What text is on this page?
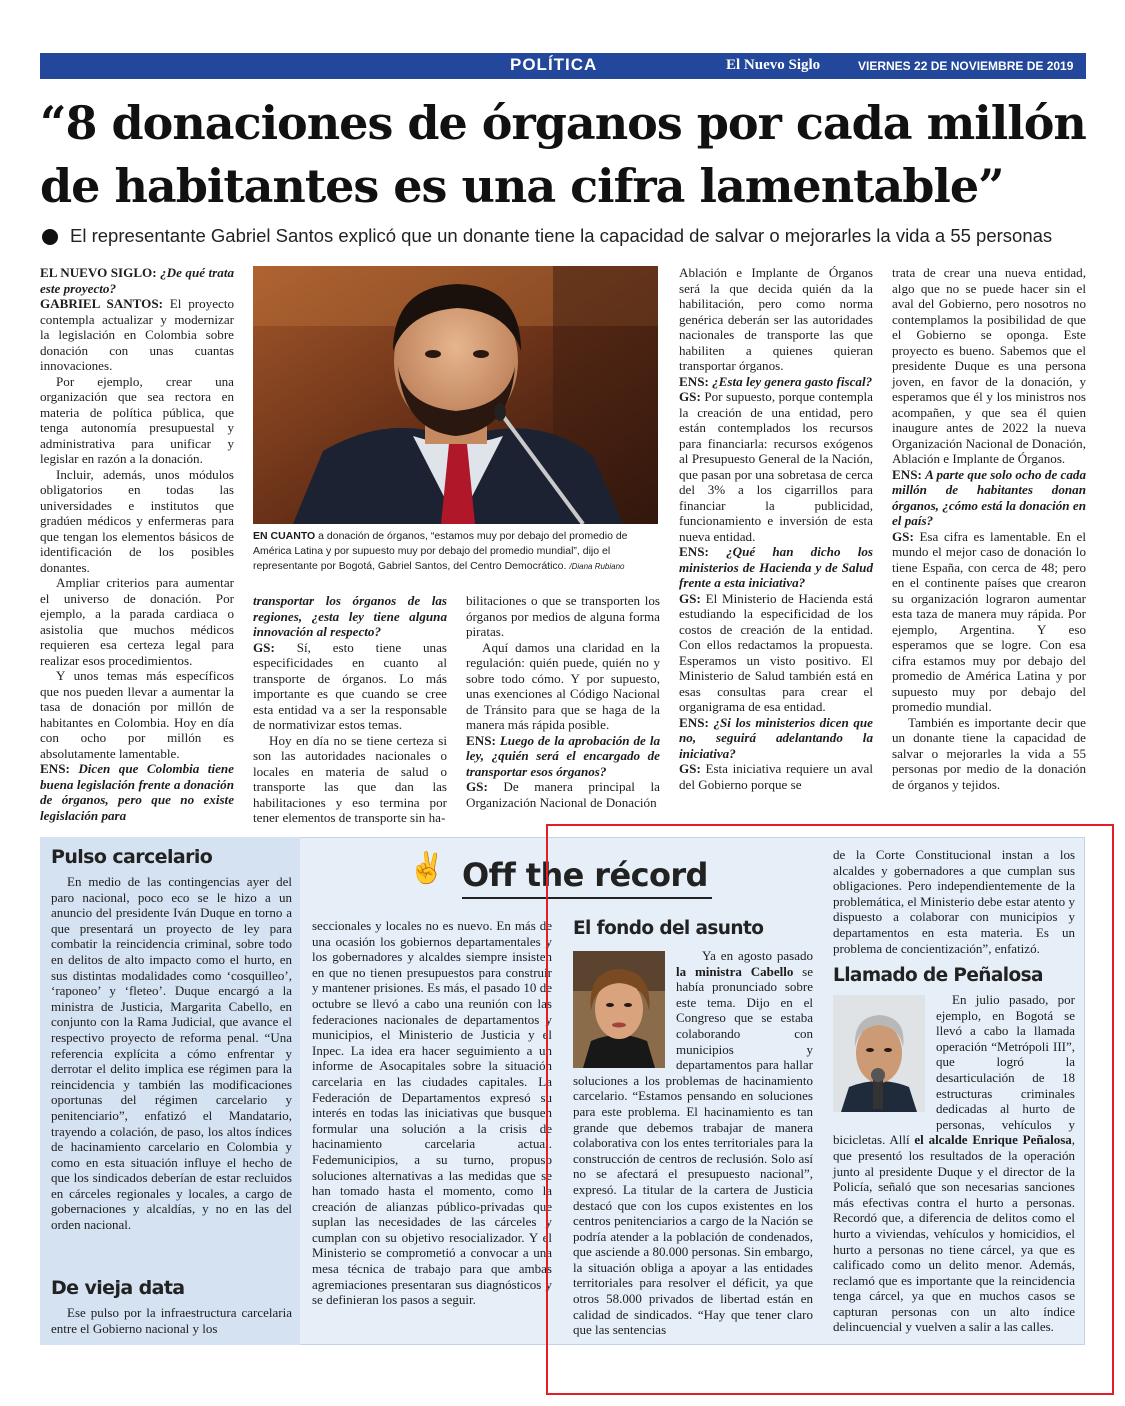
POLÍTICA	El Nuevo Siglo	VIERNES 22 DE NOVIEMBRE DE 2019 13A
“8 donaciones de órganos por cada millón
de habitantes es una cifra lamentable”
El representante Gabriel Santos explicó que un donante tiene la capacidad de salvar o mejorarles la vida a 55 personas

EL NUEVO SIGLO: ¿De qué trata este proyecto?

GABRIEL SANTOS: El proyecto contempla actualizar y modernizar la legislación en Colombia sobre donación con unas cuantas innovaciones.

Por ejemplo, crear una organización que sea rectora en materia de política pública, que tenga autonomía presupuestal y administrativa para unificar y legislar en razón a la donación.

Incluir, además, unos módulos obligatorios en todas las universidades e institutos que gradúen médicos y enfermeras para que tengan los elementos básicos de identificación de los posibles donantes.

Ampliar criterios para aumentar el universo de donación. Por ejemplo, a la parada cardiaca o asistolia que muchos médicos requieren esa certeza legal para realizar esos procedimientos.

Y unos temas más específicos que nos pueden llevar a aumentar la tasa de donación por millón de habitantes en Colombia. Hoy en día con ocho por millón es absolutamente lamentable.

ENS: Dicen que Colombia tiene buena legislación frente a donación de órganos, pero que no existe legislación para

EN CUANTO a donación de órganos, “estamos muy por debajo del promedio de América Latina y por supuesto muy por debajo del promedio mundial”, dijo el representante por Bogotá, Gabriel Santos, del Centro Democrático. /Diana Rubiano

transportar los órganos de las regiones, ¿esta ley tiene alguna innovación al respecto?

GS: Sí, esto tiene unas especificidades en cuanto al transporte de órganos. Lo más importante es que cuando se cree esta entidad va a ser la responsable de normativizar estos temas.

Hoy en día no se tiene certeza si son las autoridades nacionales o locales en materia de salud o transporte las que dan las habilitaciones y eso termina por tener elementos de transporte sin ha-

bilitaciones o que se transporten los órganos por medios de alguna forma piratas.

Aquí damos una claridad en la regulación: quién puede, quién no y sobre todo cómo. Y por supuesto, unas exenciones al Código Nacional de Tránsito para que se haga de la manera más rápida posible.

ENS: Luego de la aprobación de la ley, ¿quién será el encargado de transportar esos órganos?

GS: De manera principal la Organización Nacional de Donación

Ablación e Implante de Órganos será la que decida quién da la habilitación, pero como norma genérica deberán ser las autoridades nacionales de transporte las que habiliten a quienes quieran transportar órganos.

ENS: ¿Esta ley genera gasto fiscal?

GS: Por supuesto, porque contempla la creación de una entidad, pero están contemplados los recursos para financiarla: recursos exógenos al Presupuesto General de la Nación, que pasan por una sobretasa de cerca del 3% a los cigarrillos para financiar la publicidad, funcionamiento e inversión de esta nueva entidad.

ENS: ¿Qué han dicho los ministerios de Hacienda y de Salud frente a esta iniciativa?

GS: El Ministerio de Hacienda está estudiando la especificidad de los costos de creación de la entidad. Con ellos redactamos la propuesta. Esperamos un visto positivo. El Ministerio de Salud también está en esas consultas para crear el organigrama de esa entidad.

ENS: ¿Si los ministerios dicen que no, seguirá adelantando la iniciativa?

GS: Esta iniciativa requiere un aval del Gobierno porque se

trata de crear una nueva entidad, algo que no se puede hacer sin el aval del Gobierno, pero nosotros no contemplamos la posibilidad de que el Gobierno se oponga. Este proyecto es bueno. Sabemos que el presidente Duque es una persona joven, en favor de la donación, y esperamos que él y los ministros nos acompañen, y que sea él quien inaugure antes de 2022 la nueva Organización Nacional de Donación, Ablación e Implante de Órganos.

ENS: A parte que solo ocho de cada millón de habitantes donan órganos, ¿cómo está la donación en el país?

GS: Esa cifra es lamentable. En el mundo el mejor caso de donación lo tiene España, con cerca de 48; pero en el continente países que crearon su organización lograron aumentar esta taza de manera muy rápida. Por ejemplo, Argentina. Y eso esperamos que se logre. Con esa cifra estamos muy por debajo del promedio de América Latina y por supuesto muy por debajo del promedio mundial.

También es importante decir que un donante tiene la capacidad de salvar o mejorarles la vida a 55 personas por medio de la donación de órganos y tejidos.

Pulso carcelario

En medio de las contingencias ayer del paro nacional, poco eco se le hizo a un anuncio del presidente Iván Duque en torno a que presentará un proyecto de ley para combatir la reincidencia criminal, sobre todo en delitos de alto impacto como el hurto, en sus distintas modalidades como ‘cosquilleo’, ‘raponeo’ y ‘fleteo’. Duque encargó a la ministra de Justicia, Margarita Cabello, en conjunto con la Rama Judicial, que avance el respectivo proyecto de reforma penal. “Una referencia explícita a cómo enfrentar y derrotar el delito implica ese régimen para la reincidencia y también las modificaciones oportunas del régimen carcelario y penitenciario”, enfatizó el Mandatario, trayendo a colación, de paso, los altos índices de hacinamiento carcelario en Colombia y como en esta situación influye el hecho de que los sindicados deberían de estar recluidos en cárceles regionales y locales, a cargo de gobernaciones y alcaldías, y no en las del orden nacional.

De vieja data

Ese pulso por la infraestructura carcelaria entre el Gobierno nacional y los

✌ Off the récord

seccionales y locales no es nuevo. En más de una ocasión los gobiernos departamentales y los gobernadores y alcaldes siempre insisten en que no tienen presupuestos para construir y mantener prisiones. Es más, el pasado 10 de octubre se llevó a cabo una reunión con las federaciones nacionales de departamentos y municipios, el Ministerio de Justicia y el Inpec. La idea era hacer seguimiento a un informe de Asocapitales sobre la situación carcelaria en las ciudades capitales. La Federación de Departamentos expresó su interés en todas las iniciativas que busquen formular una solución a la crisis de hacinamiento carcelaria actual. Fedemunicipios, a su turno, propuso soluciones alternativas a las medidas que se han tomado hasta el momento, como la creación de alianzas público-privadas que suplan las necesidades de las cárceles y cumplan con su objetivo resocializador. Y el Ministerio se comprometió a convocar a una mesa técnica de trabajo para que ambas agremiaciones presentaran sus diagnósticos y se definieran los pasos a seguir.

El fondo del asunto

Ya en agosto pasado la ministra Cabello se había pronunciado sobre este tema. Dijo en el Congreso que se estaba colaborando con municipios y departamentos para hallar soluciones a los problemas de hacinamiento carcelario. “Estamos pensando en soluciones para este problema. El hacinamiento es tan grande que debemos trabajar de manera colaborativa con los entes territoriales para la construcción de centros de reclusión. Solo así no se afectará el presupuesto nacional”, expresó. La titular de la cartera de Justicia destacó que con los cupos existentes en los centros penitenciarios a cargo de la Nación se podría atender a la población de condenados, que asciende a 80.000 personas. Sin embargo, la situación obliga a apoyar a las entidades territoriales para resolver el déficit, ya que otros 58.000 privados de libertad están en calidad de sindicados. “Hay que tener claro que las sentencias

de la Corte Constitucional instan a los alcaldes y gobernadores a que cumplan sus obligaciones. Pero independientemente de la problemática, el Ministerio debe estar atento y dispuesto a colaborar con municipios y departamentos en esta materia. Es un problema de concientización”, enfatizó.

Llamado de Peñalosa

En julio pasado, por ejemplo, en Bogotá se llevó a cabo la llamada operación “Metrópoli III”, que logró la desarticulación de 18 estructuras criminales dedicadas al hurto de personas, vehículos y bicicletas. Allí el alcalde Enrique Peñalosa, que presentó los resultados de la operación junto al presidente Duque y el director de la Policía, señaló que son necesarias sanciones más efectivas contra el hurto a personas. Recordó que, a diferencia de delitos como el hurto a viviendas, vehículos y homicidios, el hurto a personas no tiene cárcel, ya que es calificado como un delito menor. Además, reclamó que es importante que la reincidencia tenga cárcel, ya que en muchos casos se capturan personas con un alto índice delincuencial y vuelven a salir a las calles.
